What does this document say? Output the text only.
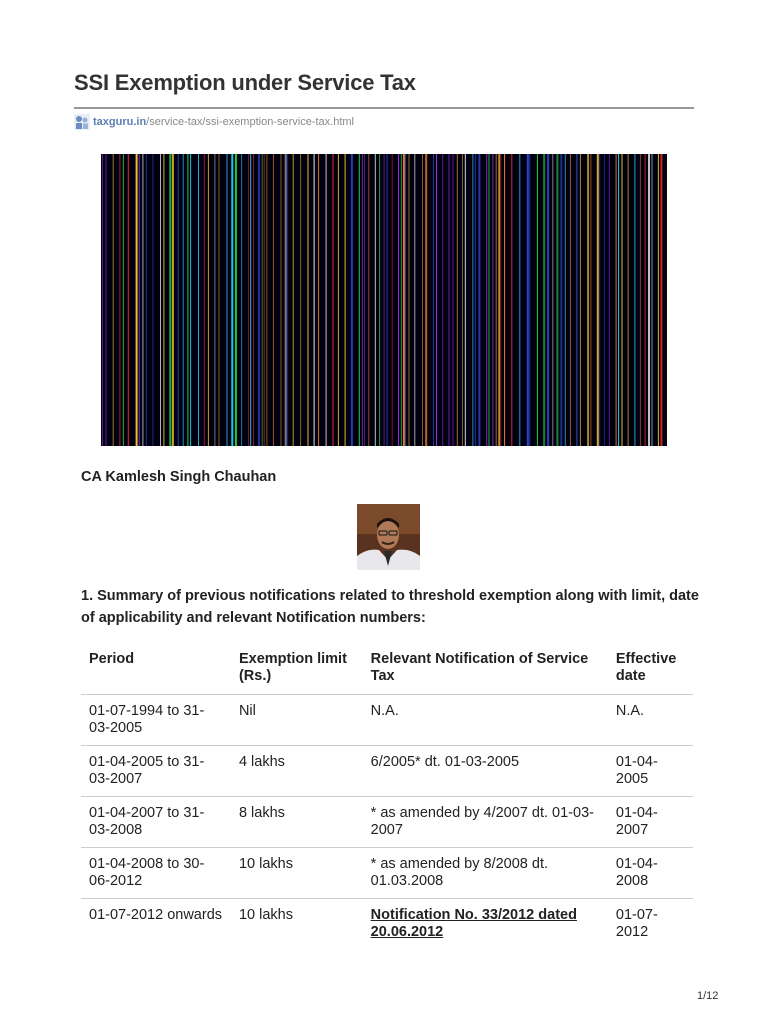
SSI Exemption under Service Tax
taxguru.in /service-tax/ssi-exemption-service-tax.html
CA Kamlesh Singh Chauhan
1. Summary of previous notifications related to threshold exemption along with limit, date of applicability and relevant Notification numbers:
Period	Exemption limit (Rs.)	Relevant Notification of Service Tax	Effective date
01-07-1994 to 31-03-2005	Nil	N.A.	N.A.
01-04-2005 to 31-03-2007	4 lakhs	6/2005* dt. 01-03-2005	01-04-2005
01-04-2007 to 31-03-2008	8 lakhs	* as amended by 4/2007 dt. 01-03-2007	01-04-2007
01-04-2008 to 30-06-2012	10 lakhs	* as amended by 8/2008 dt. 01.03.2008	01-04-2008
01-07-2012 onwards	10 lakhs	Notification No. 33/2012 dated 20.06.2012	01-07-2012
1/12
